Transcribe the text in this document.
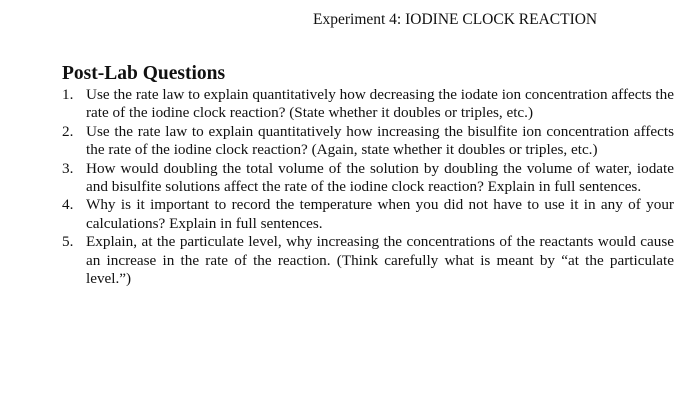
Experiment 4: IODINE CLOCK REACTION
Post-Lab Questions
1. Use the rate law to explain quantitatively how decreasing the iodate ion concentration affects the rate of the iodine clock reaction? (State whether it doubles or triples, etc.)
2. Use the rate law to explain quantitatively how increasing the bisulfite ion concentration affects the rate of the iodine clock reaction? (Again, state whether it doubles or triples, etc.)
3. How would doubling the total volume of the solution by doubling the volume of water, iodate and bisulfite solutions affect the rate of the iodine clock reaction? Explain in full sentences.
4. Why is it important to record the temperature when you did not have to use it in any of your calculations? Explain in full sentences.
5. Explain, at the particulate level, why increasing the concentrations of the reactants would cause an increase in the rate of the reaction. (Think carefully what is meant by “at the particulate level.”)
